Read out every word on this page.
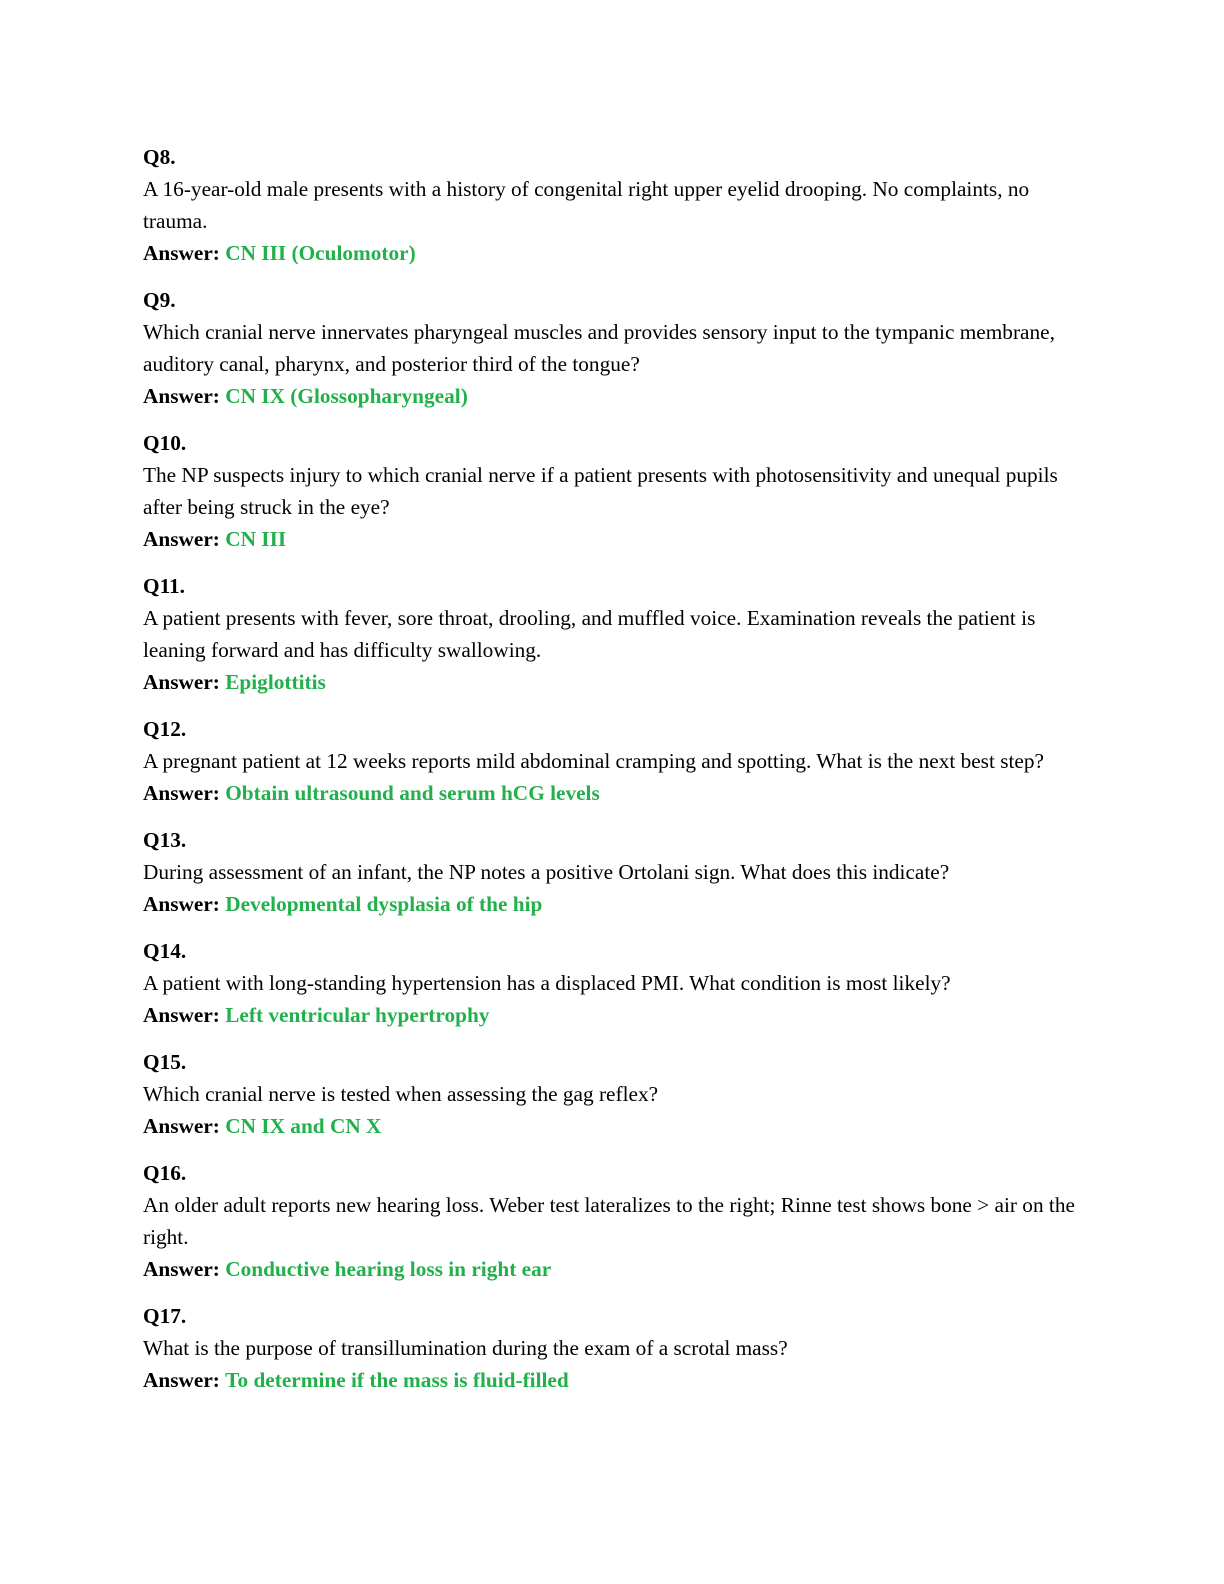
Q8.
A 16-year-old male presents with a history of congenital right upper eyelid drooping. No complaints, no trauma.
Answer: CN III (Oculomotor)
Q9.
Which cranial nerve innervates pharyngeal muscles and provides sensory input to the tympanic membrane, auditory canal, pharynx, and posterior third of the tongue?
Answer: CN IX (Glossopharyngeal)
Q10.
The NP suspects injury to which cranial nerve if a patient presents with photosensitivity and unequal pupils after being struck in the eye?
Answer: CN III
Q11.
A patient presents with fever, sore throat, drooling, and muffled voice. Examination reveals the patient is leaning forward and has difficulty swallowing.
Answer: Epiglottitis
Q12.
A pregnant patient at 12 weeks reports mild abdominal cramping and spotting. What is the next best step?
Answer: Obtain ultrasound and serum hCG levels
Q13.
During assessment of an infant, the NP notes a positive Ortolani sign. What does this indicate?
Answer: Developmental dysplasia of the hip
Q14.
A patient with long-standing hypertension has a displaced PMI. What condition is most likely?
Answer: Left ventricular hypertrophy
Q15.
Which cranial nerve is tested when assessing the gag reflex?
Answer: CN IX and CN X
Q16.
An older adult reports new hearing loss. Weber test lateralizes to the right; Rinne test shows bone > air on the right.
Answer: Conductive hearing loss in right ear
Q17.
What is the purpose of transillumination during the exam of a scrotal mass?
Answer: To determine if the mass is fluid-filled
